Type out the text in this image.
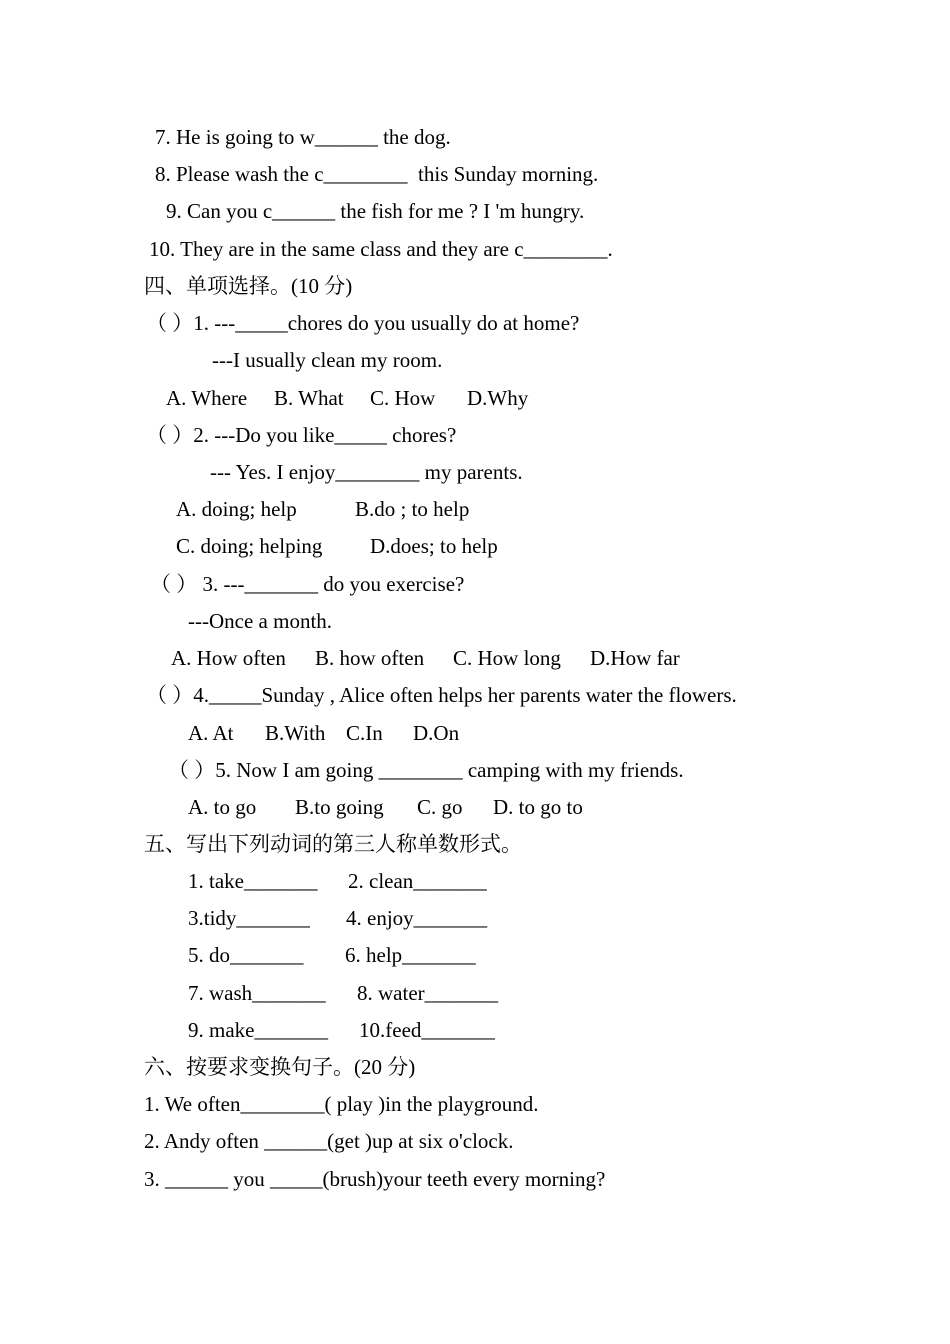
7. He is going to w______ the dog.
8. Please wash the c________  this Sunday morning.
9. Can you c______ the fish for me ? I 'm hungry.
10. They are in the same class and they are c________.
四、单项选择。(10 分)
（ ）1. ---_____chores do you usually do at home?
---I usually clean my room.
A. Where B. What C. How D.Why
（ ）2. ---Do you like_____ chores?
--- Yes. I enjoy________ my parents.
A. doing; help	B.do ; to help
C. doing; helping D.does; to help
（ ） 3. ---_______ do you exercise?
---Once a month.
A. How often B. how often C. How long D.How far
（ ）4._____Sunday , Alice often helps her parents water the flowers.
A. At B.With C.In D.On
（ ）5. Now I am going ________ camping with my friends.
A. to go B.to going C. go D. to go to
五、写出下列动词的第三人称单数形式。
1. take_______ 2. clean_______
3.tidy_______ 4. enjoy_______
5. do_______ 6. help_______
7. wash_______ 8. water_______
9. make_______ 10.feed_______
六、按要求变换句子。(20 分)
1. We often________( play )in the playground.
2. Andy often ______(get )up at six o'clock.
3. ______ you _____(brush)your teeth every morning?
